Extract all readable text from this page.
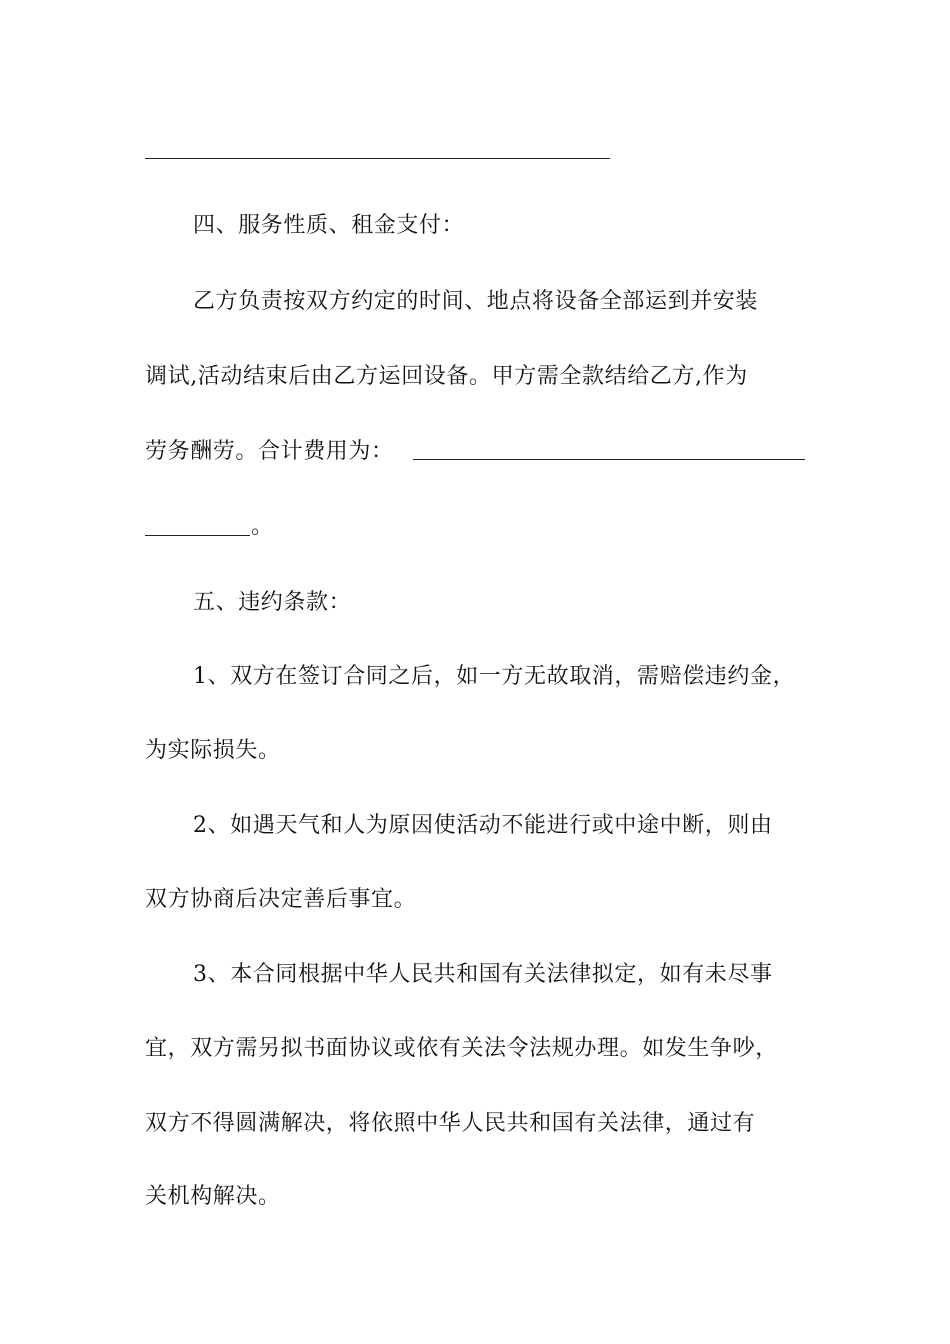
四、服务性质、租金支付：
乙方负责按双方约定的时间、地点将设备全部运到并安装
调试,活动结束后由乙方运回设备。甲方需全款结给乙方,作为
劳务酬劳。合计费用为：
。
五、违约条款：
1、双方在签订合同之后，如一方无故取消，需赔偿违约金，
为实际损失。
2、如遇天气和人为原因使活动不能进行或中途中断，则由
双方协商后决定善后事宜。
3、本合同根据中华人民共和国有关法律拟定，如有未尽事
宜，双方需另拟书面协议或依有关法令法规办理。如发生争吵，
双方不得圆满解决，将依照中华人民共和国有关法律，通过有
关机构解决。
